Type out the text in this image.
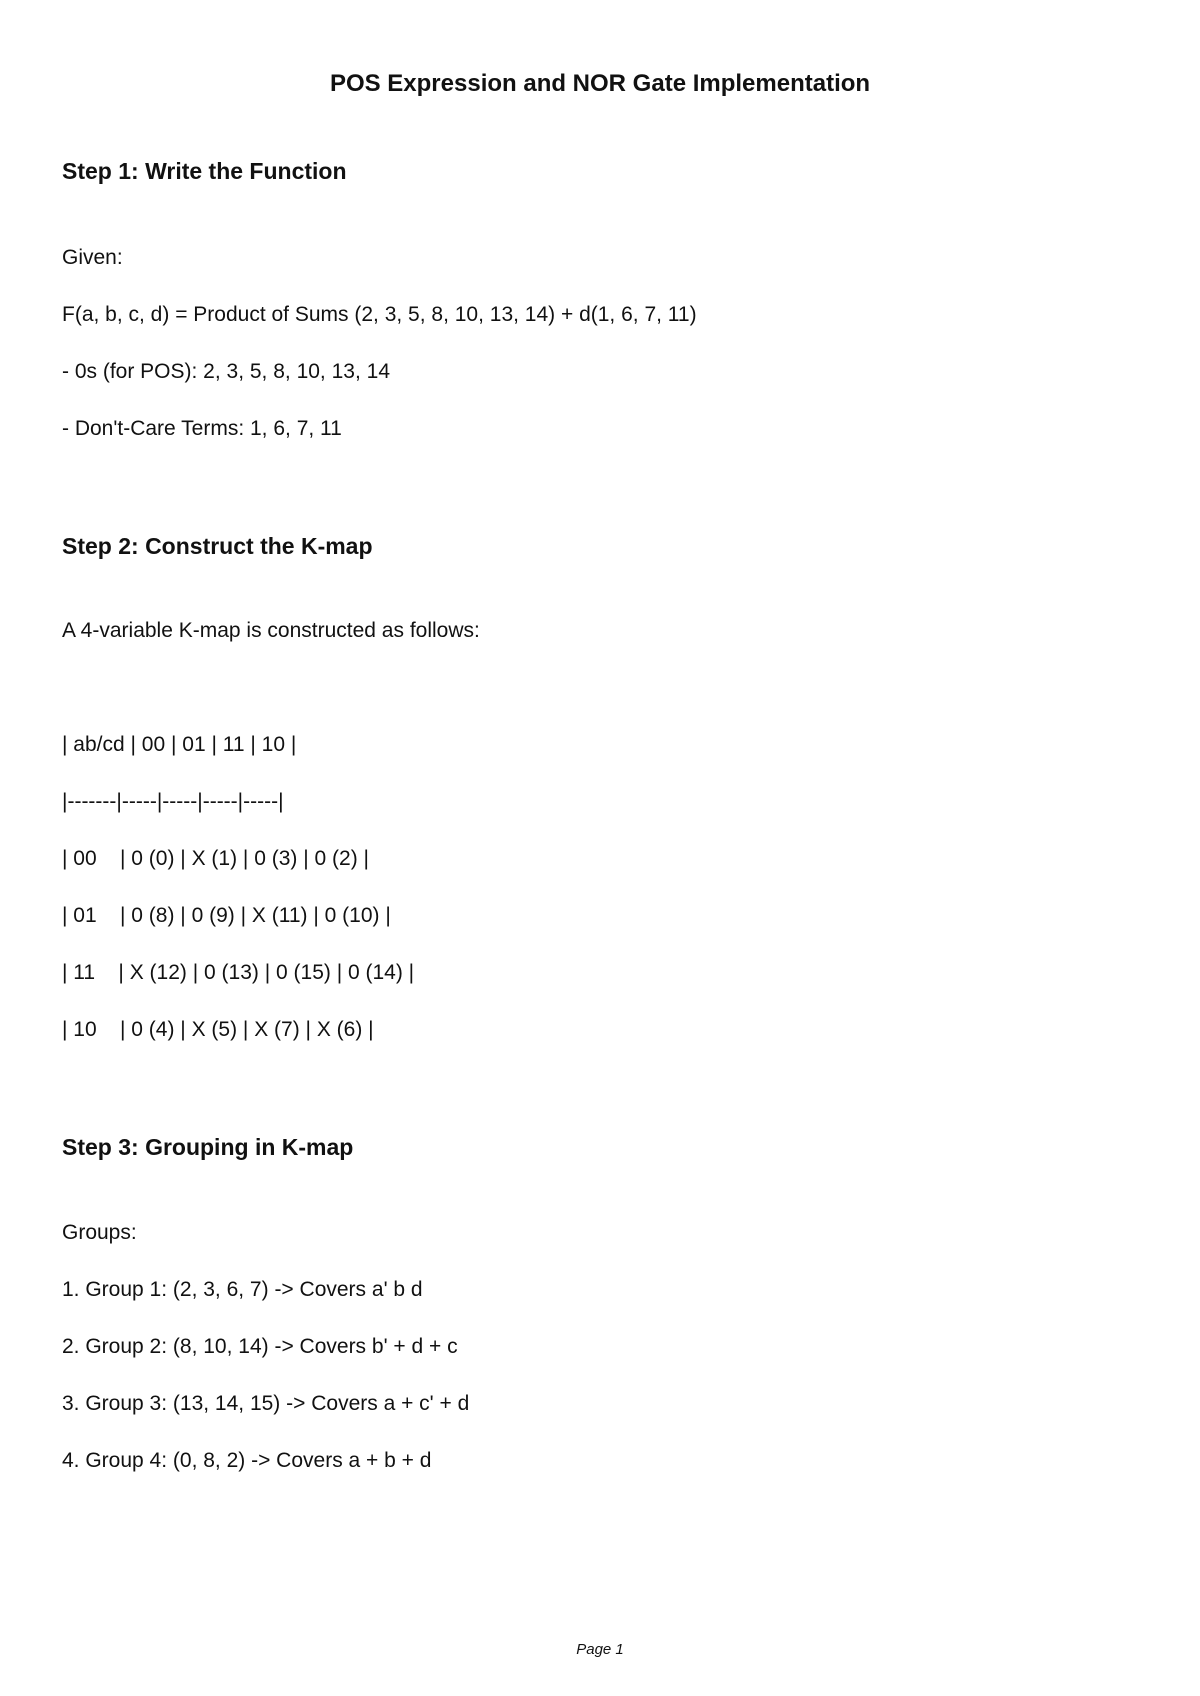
POS Expression and NOR Gate Implementation
Step 1: Write the Function
Given:
F(a, b, c, d) = Product of Sums (2, 3, 5, 8, 10, 13, 14) + d(1, 6, 7, 11)
- 0s (for POS): 2, 3, 5, 8, 10, 13, 14
- Don't-Care Terms: 1, 6, 7, 11
Step 2: Construct the K-map
A 4-variable K-map is constructed as follows:
| ab/cd | 00 | 01 | 11 | 10 |
|-------|-----|-----|-----|-----|
| 00    | 0 (0) | X (1) | 0 (3) | 0 (2) |
| 01    | 0 (8) | 0 (9) | X (11) | 0 (10) |
| 11    | X (12) | 0 (13) | 0 (15) | 0 (14) |
| 10    | 0 (4) | X (5) | X (7) | X (6) |
Step 3: Grouping in K-map
Groups:
1. Group 1: (2, 3, 6, 7) -> Covers a' b d
2. Group 2: (8, 10, 14) -> Covers b' + d + c
3. Group 3: (13, 14, 15) -> Covers a + c' + d
4. Group 4: (0, 8, 2) -> Covers a + b + d
Page 1
